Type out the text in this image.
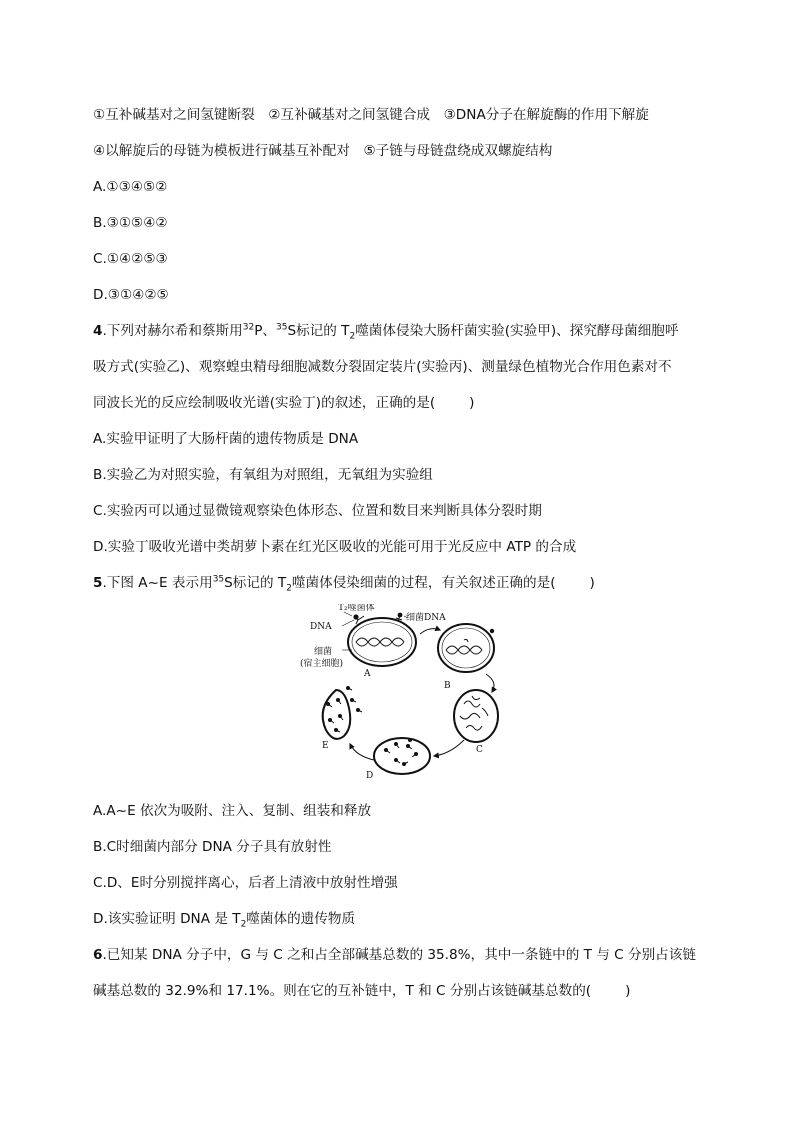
①互补碱基对之间氢键断裂　②互补碱基对之间氢键合成　③DNA分子在解旋酶的作用下解旋
④以解旋后的母链为模板进行碱基互补配对　⑤子链与母链盘绕成双螺旋结构
A.①③④⑤②
B.③①⑤④②
C.①④②⑤③
D.③①④②⑤
4.下列对赫尔希和蔡斯用$^{32}$P、$^{35}$S标记的 $T_2$噬菌体侵染大肠杆菌实验(实验甲)、探究酵母菌细胞呼
吸方式(实验乙)、观察蝗虫精母细胞减数分裂固定装片(实验丙)、测量绿色植物光合作用色素对不
同波长光的反应绘制吸收光谱(实验丁)的叙述，正确的是(	)
A.实验甲证明了大肠杆菌的遗传物质是 DNA
B.实验乙为对照实验，有氧组为对照组，无氧组为实验组
C.实验丙可以通过显微镜观察染色体形态、位置和数目来判断具体分裂时期
D.实验丁吸收光谱中类胡萝卜素在红光区吸收的光能可用于光反应中 ATP 的合成
5.下图 A~E 表示用$^{35}$S标记的 $T_2$噬菌体侵染细菌的过程，有关叙述正确的是(	)
T₂噬菌体
细菌DNA
DNA
细菌
(宿主细胞)
A
B
C
D
E
A.A~E 依次为吸附、注入、复制、组装和释放
B.C时细菌内部分 DNA 分子具有放射性
C.D、E时分别搅拌离心，后者上清液中放射性增强
D.该实验证明 DNA 是 $T_2$噬菌体的遗传物质
6.已知某 DNA 分子中，G 与 C 之和占全部碱基总数的 35.8%，其中一条链中的 T 与 C 分别占该链
碱基总数的 32.9%和 17.1%。则在它的互补链中，T 和 C 分别占该链碱基总数的(	)
